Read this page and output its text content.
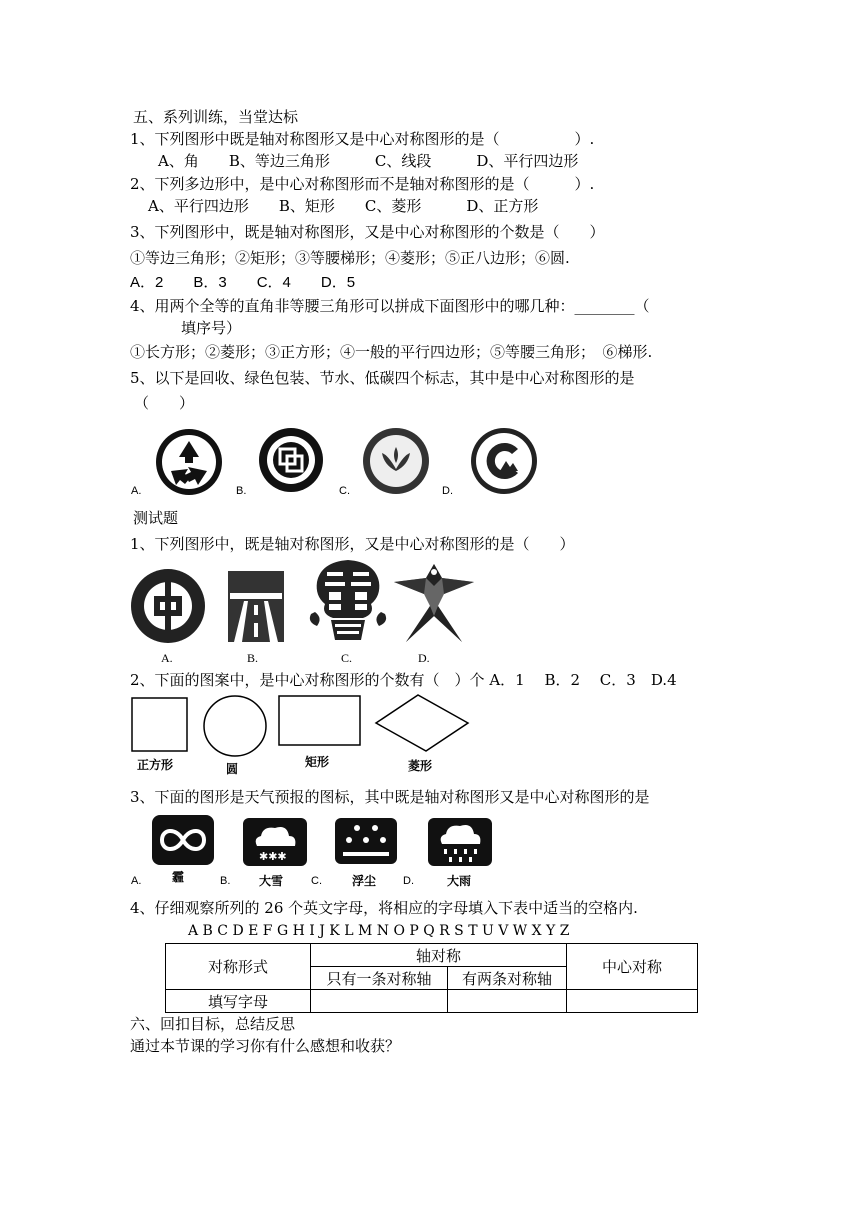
五、系列训练，当堂达标
1、下列图形中既是轴对称图形又是中心对称图形的是（　　　　　）.
A、角　　B、等边三角形　　　C、线段　　　D、平行四边形
2、下列多边形中，是中心对称图形而不是轴对称图形的是（　　　）.
A、平行四边形　　B、矩形　　C、菱形　　　D、正方形
3、下列图形中，既是轴对称图形，又是中心对称图形的个数是（　　）
①等边三角形；②矩形；③等腰梯形；④菱形；⑤正八边形；⑥圆.
A．2　　B．3　　C．4　　D．5
4、用两个全等的直角非等腰三角形可以拼成下面图形中的哪几种：________（
填序号）
①长方形；②菱形；③正方形；④一般的平行四边形；⑤等腰三角形；　⑥梯形.
5、以下是回收、绿色包装、节水、低碳四个标志，其中是中心对称图形的是
（　　）
A.	B.	C.	D.
测试题
1、下列图形中，既是轴对称图形，又是中心对称图形的是（　　）
A.	B.	C.	D.
2、下面的图案中，是中心对称图形的个数有（　）个 A．1　 B．2　 C．3　D.4
正方形	圆	矩形	菱形
3、下面的图形是天气预报的图标，其中既是轴对称图形又是中心对称图形的是
✱✱✱
A.	B.	C.	D.
霾	大雪	浮尘	大雨
4、仔细观察所列的 26 个英文字母，将相应的字母填入下表中适当的空格内.
A B C D E F G H I J K L M N O P Q R S T U V W X Y Z
对称形式	轴对称		中心对称
	只有一条对称轴	有两条对称轴	
填写字母			
六、回扣目标，总结反思
通过本节课的学习你有什么感想和收获？
